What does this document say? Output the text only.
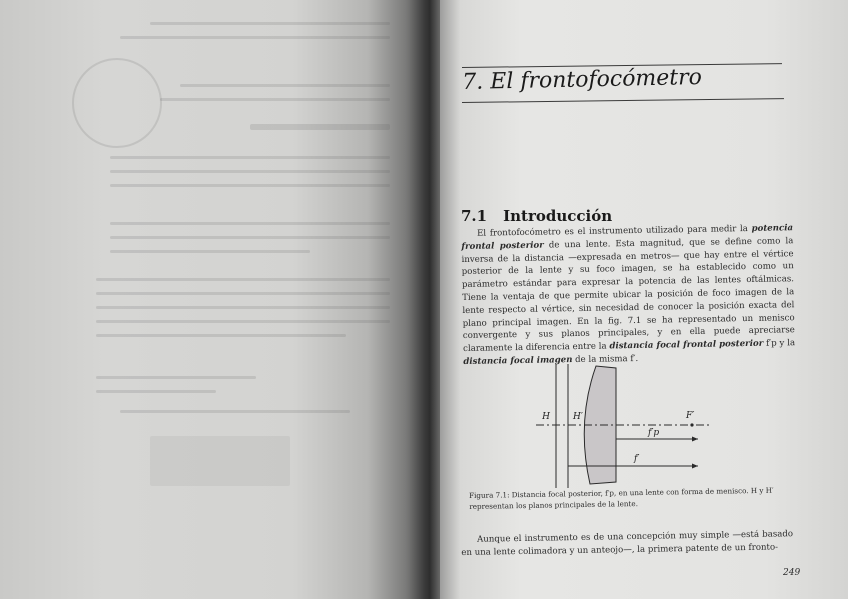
7. El frontofocómetro
7.1 Introducción

El frontofocómetro es el instrumento utilizado para medir la potencia frontal posterior de una lente. Esta magnitud, que se define como la inversa de la distancia —expresada en metros— que hay entre el vértice posterior de la lente y su foco imagen, se ha establecido como un parámetro estándar para expresar la potencia de las lentes oftálmicas. Tiene la ventaja de que permite ubicar la posición de foco imagen de la lente respecto al vértice, sin necesidad de conocer la posición exacta del plano principal imagen. En la fig. 7.1 se ha representado un menisco convergente y sus planos principales, y en ella puede apreciarse claramente la diferencia entre la distancia focal frontal posterior f′p y la distancia focal imagen de la misma f′.

H	H′	F′
f′p
f′

Figura 7.1: Distancia focal posterior, f′p, en una lente con forma de menisco. H y H′ representan los planos principales de la lente.

Aunque el instrumento es de una concepción muy simple —está basado en una lente colimadora y un anteojo—, la primera patente de un fronto-

249
